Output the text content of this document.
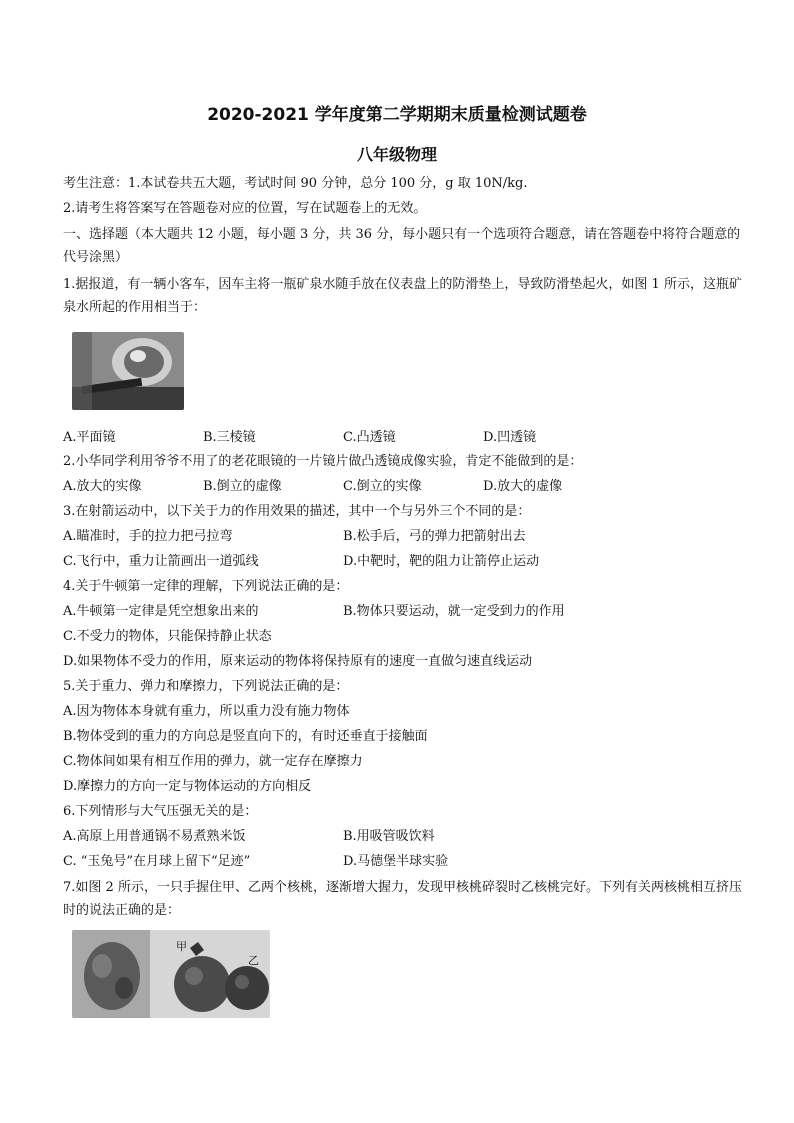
2020-2021 学年度第二学期期末质量检测试题卷
八年级物理
考生注意：1.本试卷共五大题，考试时间 90 分钟，总分 100 分，g 取 10N/kg.
2.请考生将答案写在答题卷对应的位置，写在试题卷上的无效。
一、选择题（本大题共 12 小题，每小题 3 分，共 36 分，每小题只有一个选项符合题意，请在答题卷中将符合题意的代号涂黑）
1.据报道，有一辆小客车，因车主将一瓶矿泉水随手放在仪表盘上的防滑垫上，导致防滑垫起火，如图 1 所示，这瓶矿泉水所起的作用相当于：
A.平面镜	B.三棱镜	C.凸透镜	D.凹透镜
2.小华同学利用爷爷不用了的老花眼镜的一片镜片做凸透镜成像实验，肯定不能做到的是：
A.放大的实像	B.倒立的虚像	C.倒立的实像	D.放大的虚像
3.在射箭运动中，以下关于力的作用效果的描述，其中一个与另外三个不同的是：
A.瞄准时，手的拉力把弓拉弯	B.松手后，弓的弹力把箭射出去
C.飞行中，重力让箭画出一道弧线	D.中靶时，靶的阻力让箭停止运动
4.关于牛顿第一定律的理解，下列说法正确的是：
A.牛顿第一定律是凭空想象出来的	B.物体只要运动，就一定受到力的作用
C.不受力的物体，只能保持静止状态
D.如果物体不受力的作用，原来运动的物体将保持原有的速度一直做匀速直线运动
5.关于重力、弹力和摩擦力，下列说法正确的是：
A.因为物体本身就有重力，所以重力没有施力物体
B.物体受到的重力的方向总是竖直向下的，有时还垂直于接触面
C.物体间如果有相互作用的弹力，就一定存在摩擦力
D.摩擦力的方向一定与物体运动的方向相反
6.下列情形与大气压强无关的是：
A.高原上用普通锅不易煮熟米饭	B.用吸管吸饮料
C. “玉兔号”在月球上留下“足迹”	D.马德堡半球实验
7.如图 2 所示，一只手握住甲、乙两个核桃，逐渐增大握力，发现甲核桃碎裂时乙核桃完好。下列有关两核桃相互挤压时的说法正确的是：
甲
乙
